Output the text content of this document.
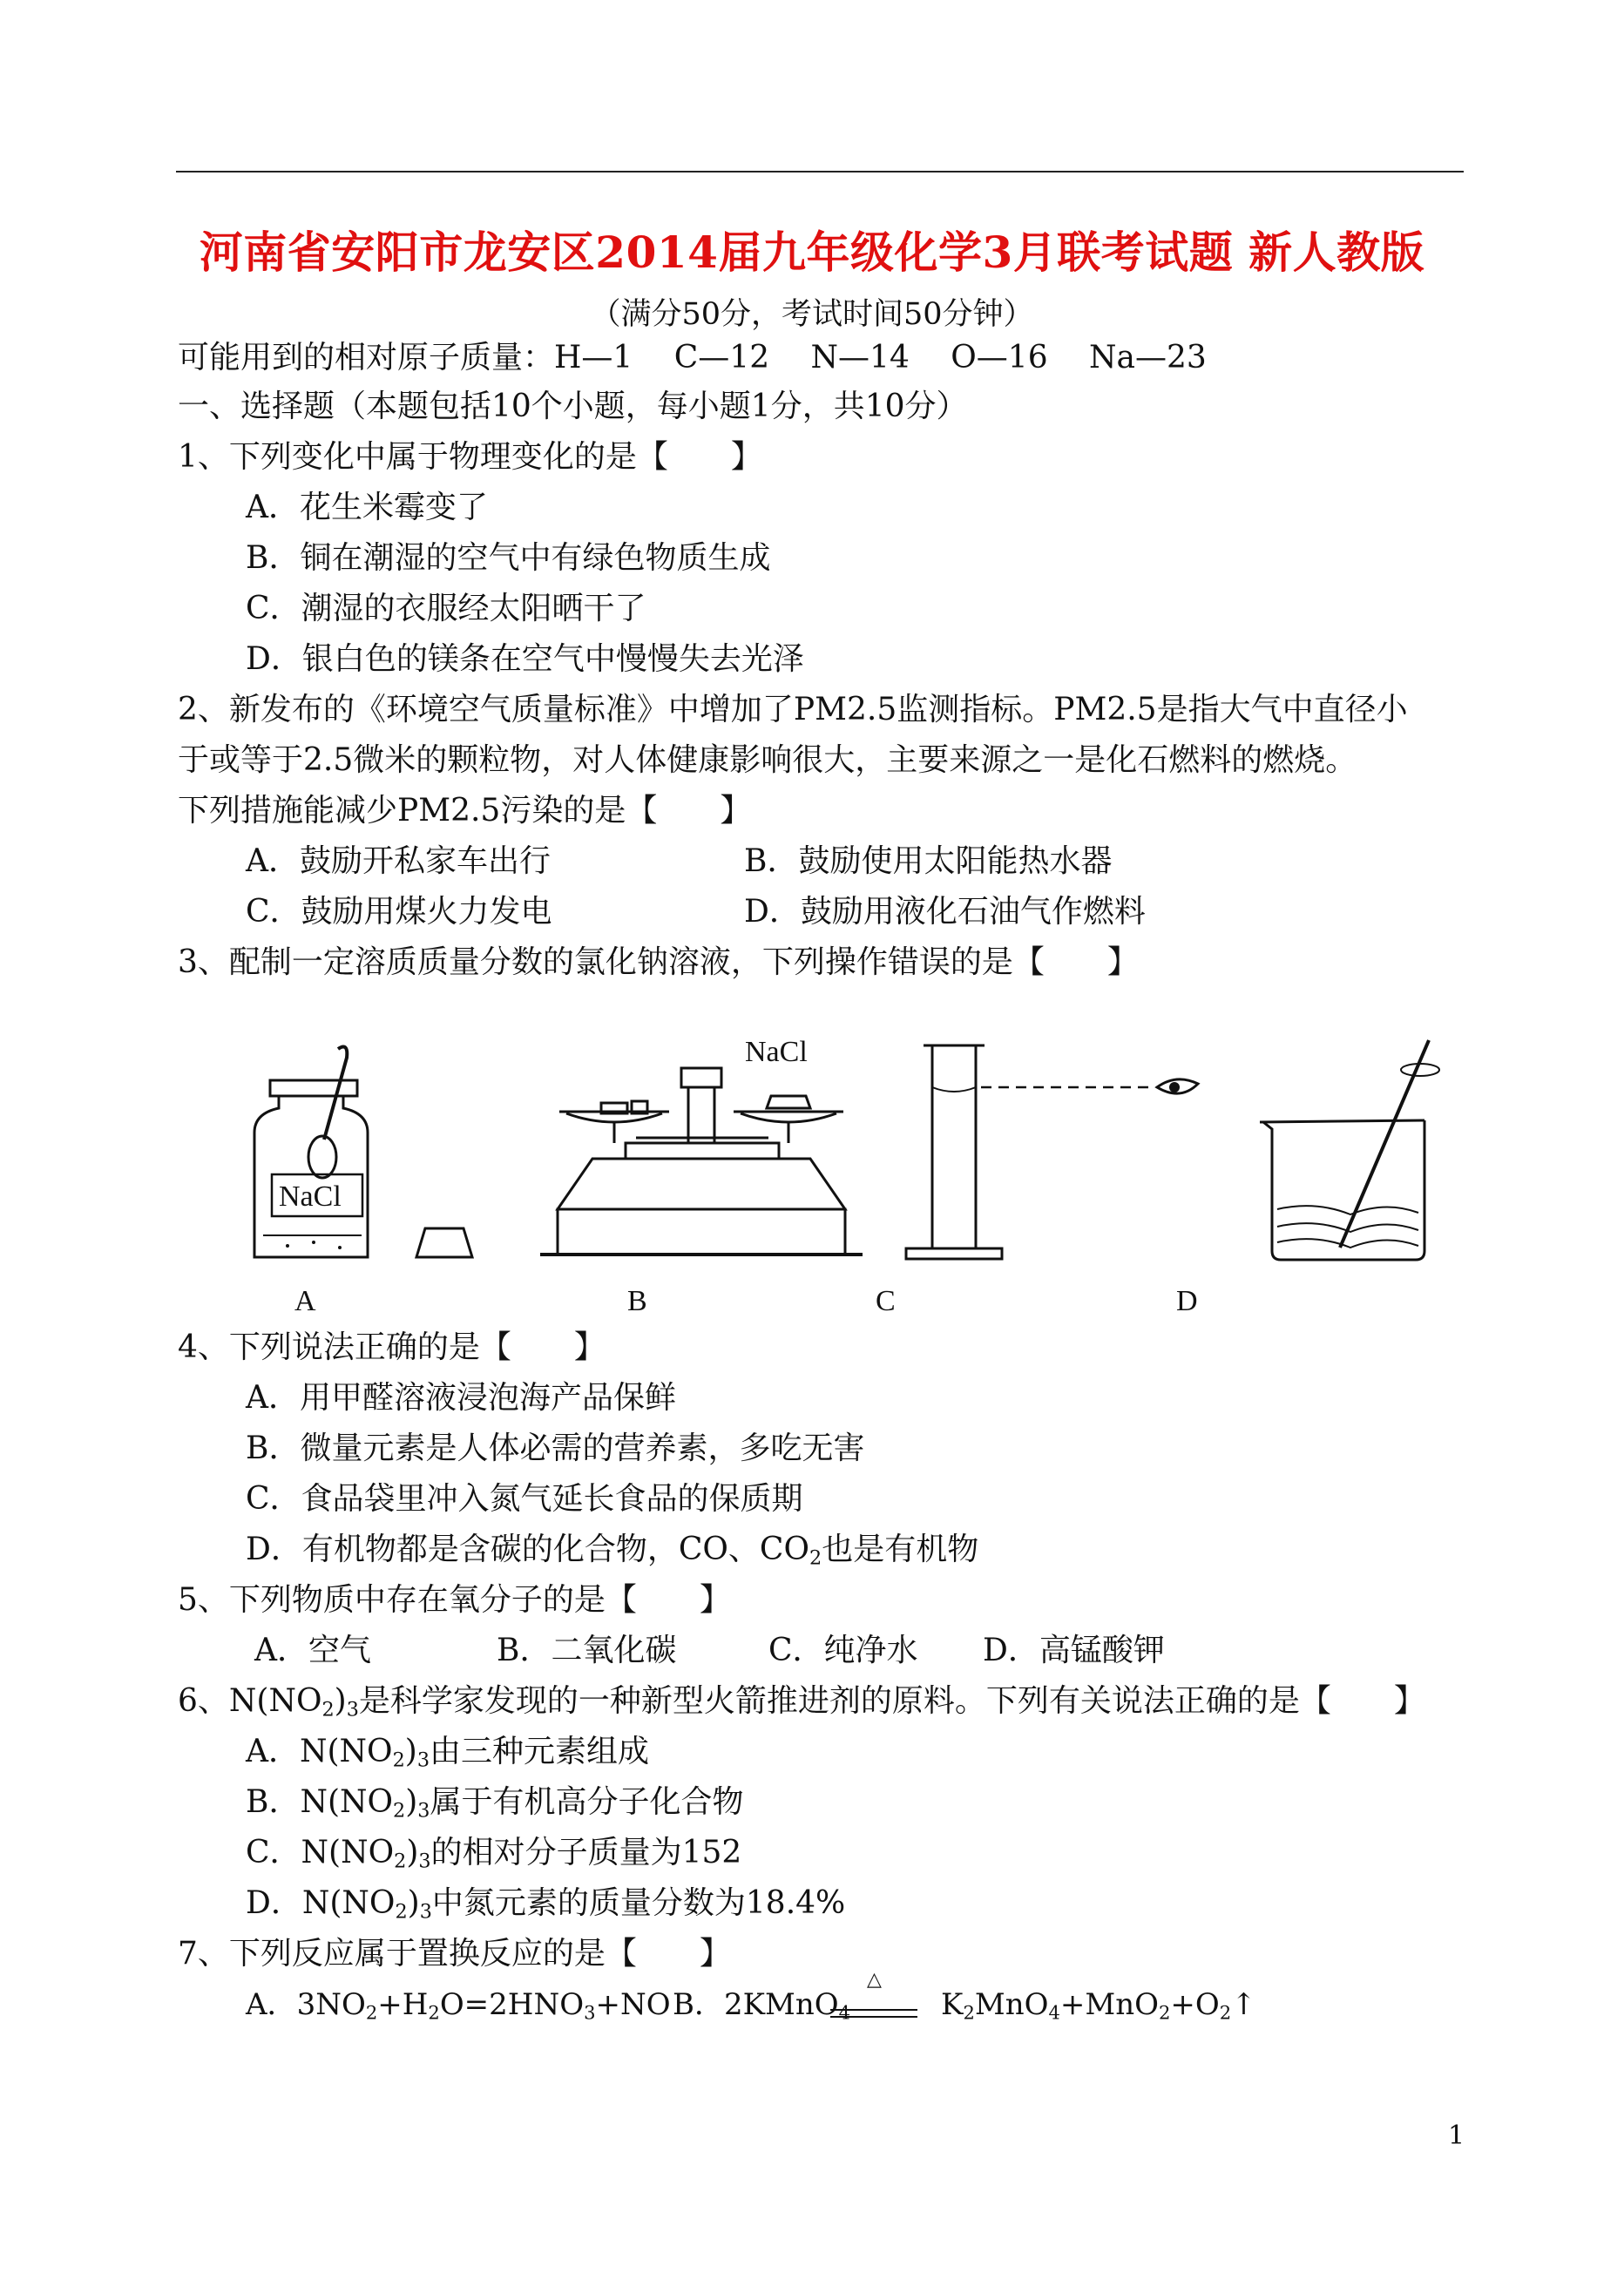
河南省安阳市龙安区2014届九年级化学3月联考试题 新人教版
（满分50分，考试时间50分钟）
可能用到的相对原子质量：H—1　 C—12　 N—14　 O—16　 Na—23
一、选择题（本题包括10个小题，每小题1分，共10分）
1、下列变化中属于物理变化的是【　　】
A．花生米霉变了
B．铜在潮湿的空气中有绿色物质生成
C．潮湿的衣服经太阳晒干了
D．银白色的镁条在空气中慢慢失去光泽
2、新发布的《环境空气质量标准》中增加了PM2.5监测指标。PM2.5是指大气中直径小
于或等于2.5微米的颗粒物，对人体健康影响很大，主要来源之一是化石燃料的燃烧。
下列措施能减少PM2.5污染的是【　　】
A．鼓励开私家车出行	B．鼓励使用太阳能热水器
C．鼓励用煤火力发电	D．鼓励用液化石油气作燃料
3、配制一定溶质质量分数的氯化钠溶液，下列操作错误的是【　　】
NaCl
NaCl
A	B	C	D
4、下列说法正确的是【　　】
A．用甲醛溶液浸泡海产品保鲜
B．微量元素是人体必需的营养素，多吃无害
C．食品袋里冲入氮气延长食品的保质期
D．有机物都是含碳的化合物，CO、$CO_2$也是有机物
5、下列物质中存在氧分子的是【　　】
A．空气	B．二氧化碳	C．纯净水 D．高锰酸钾
6、$N(NO_2)_3$是科学家发现的一种新型火箭推进剂的原料。下列有关说法正确的是【　　】
A．$N(NO_2)_3$由三种元素组成
B．$N(NO_2)_3$属于有机高分子化合物
C．$N(NO_2)_3$的相对分子质量为152
D．$N(NO_2)_3$中氮元素的质量分数为18.4%
7、下列反应属于置换反应的是【　　】
A．$3NO_2+H_2O=2HNO_3+NO$ B．2KMnO$_4$	$K_2MnO_4+MnO_2+O_2↑$
△
1
